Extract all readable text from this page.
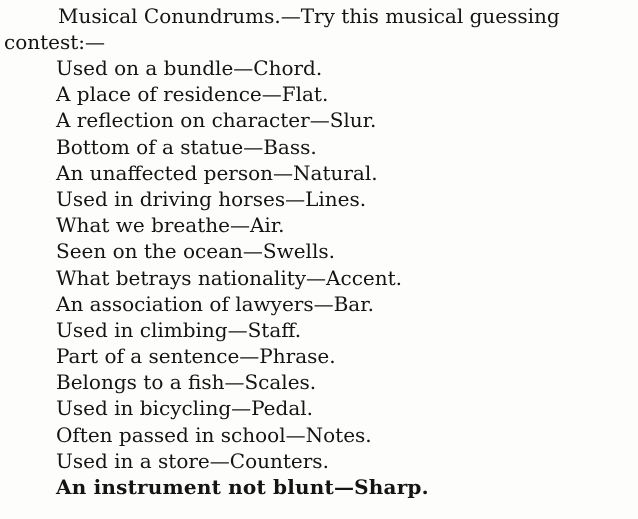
Musical Conundrums.—Try this musical guessing
contest:—

Used on a bundle—Chord.
A place of residence—Flat.
A reflection on character—Slur.
Bottom of a statue—Bass.
An unaffected person—Natural.
Used in driving horses—Lines.
What we breathe—Air.
Seen on the ocean—Swells.
What betrays nationality—Accent.
An association of lawyers—Bar.
Used in climbing—Staff.
Part of a sentence—Phrase.
Belongs to a fish—Scales.
Used in bicycling—Pedal.
Often passed in school—Notes.
Used in a store—Counters.
An instrument not blunt—Sharp.
